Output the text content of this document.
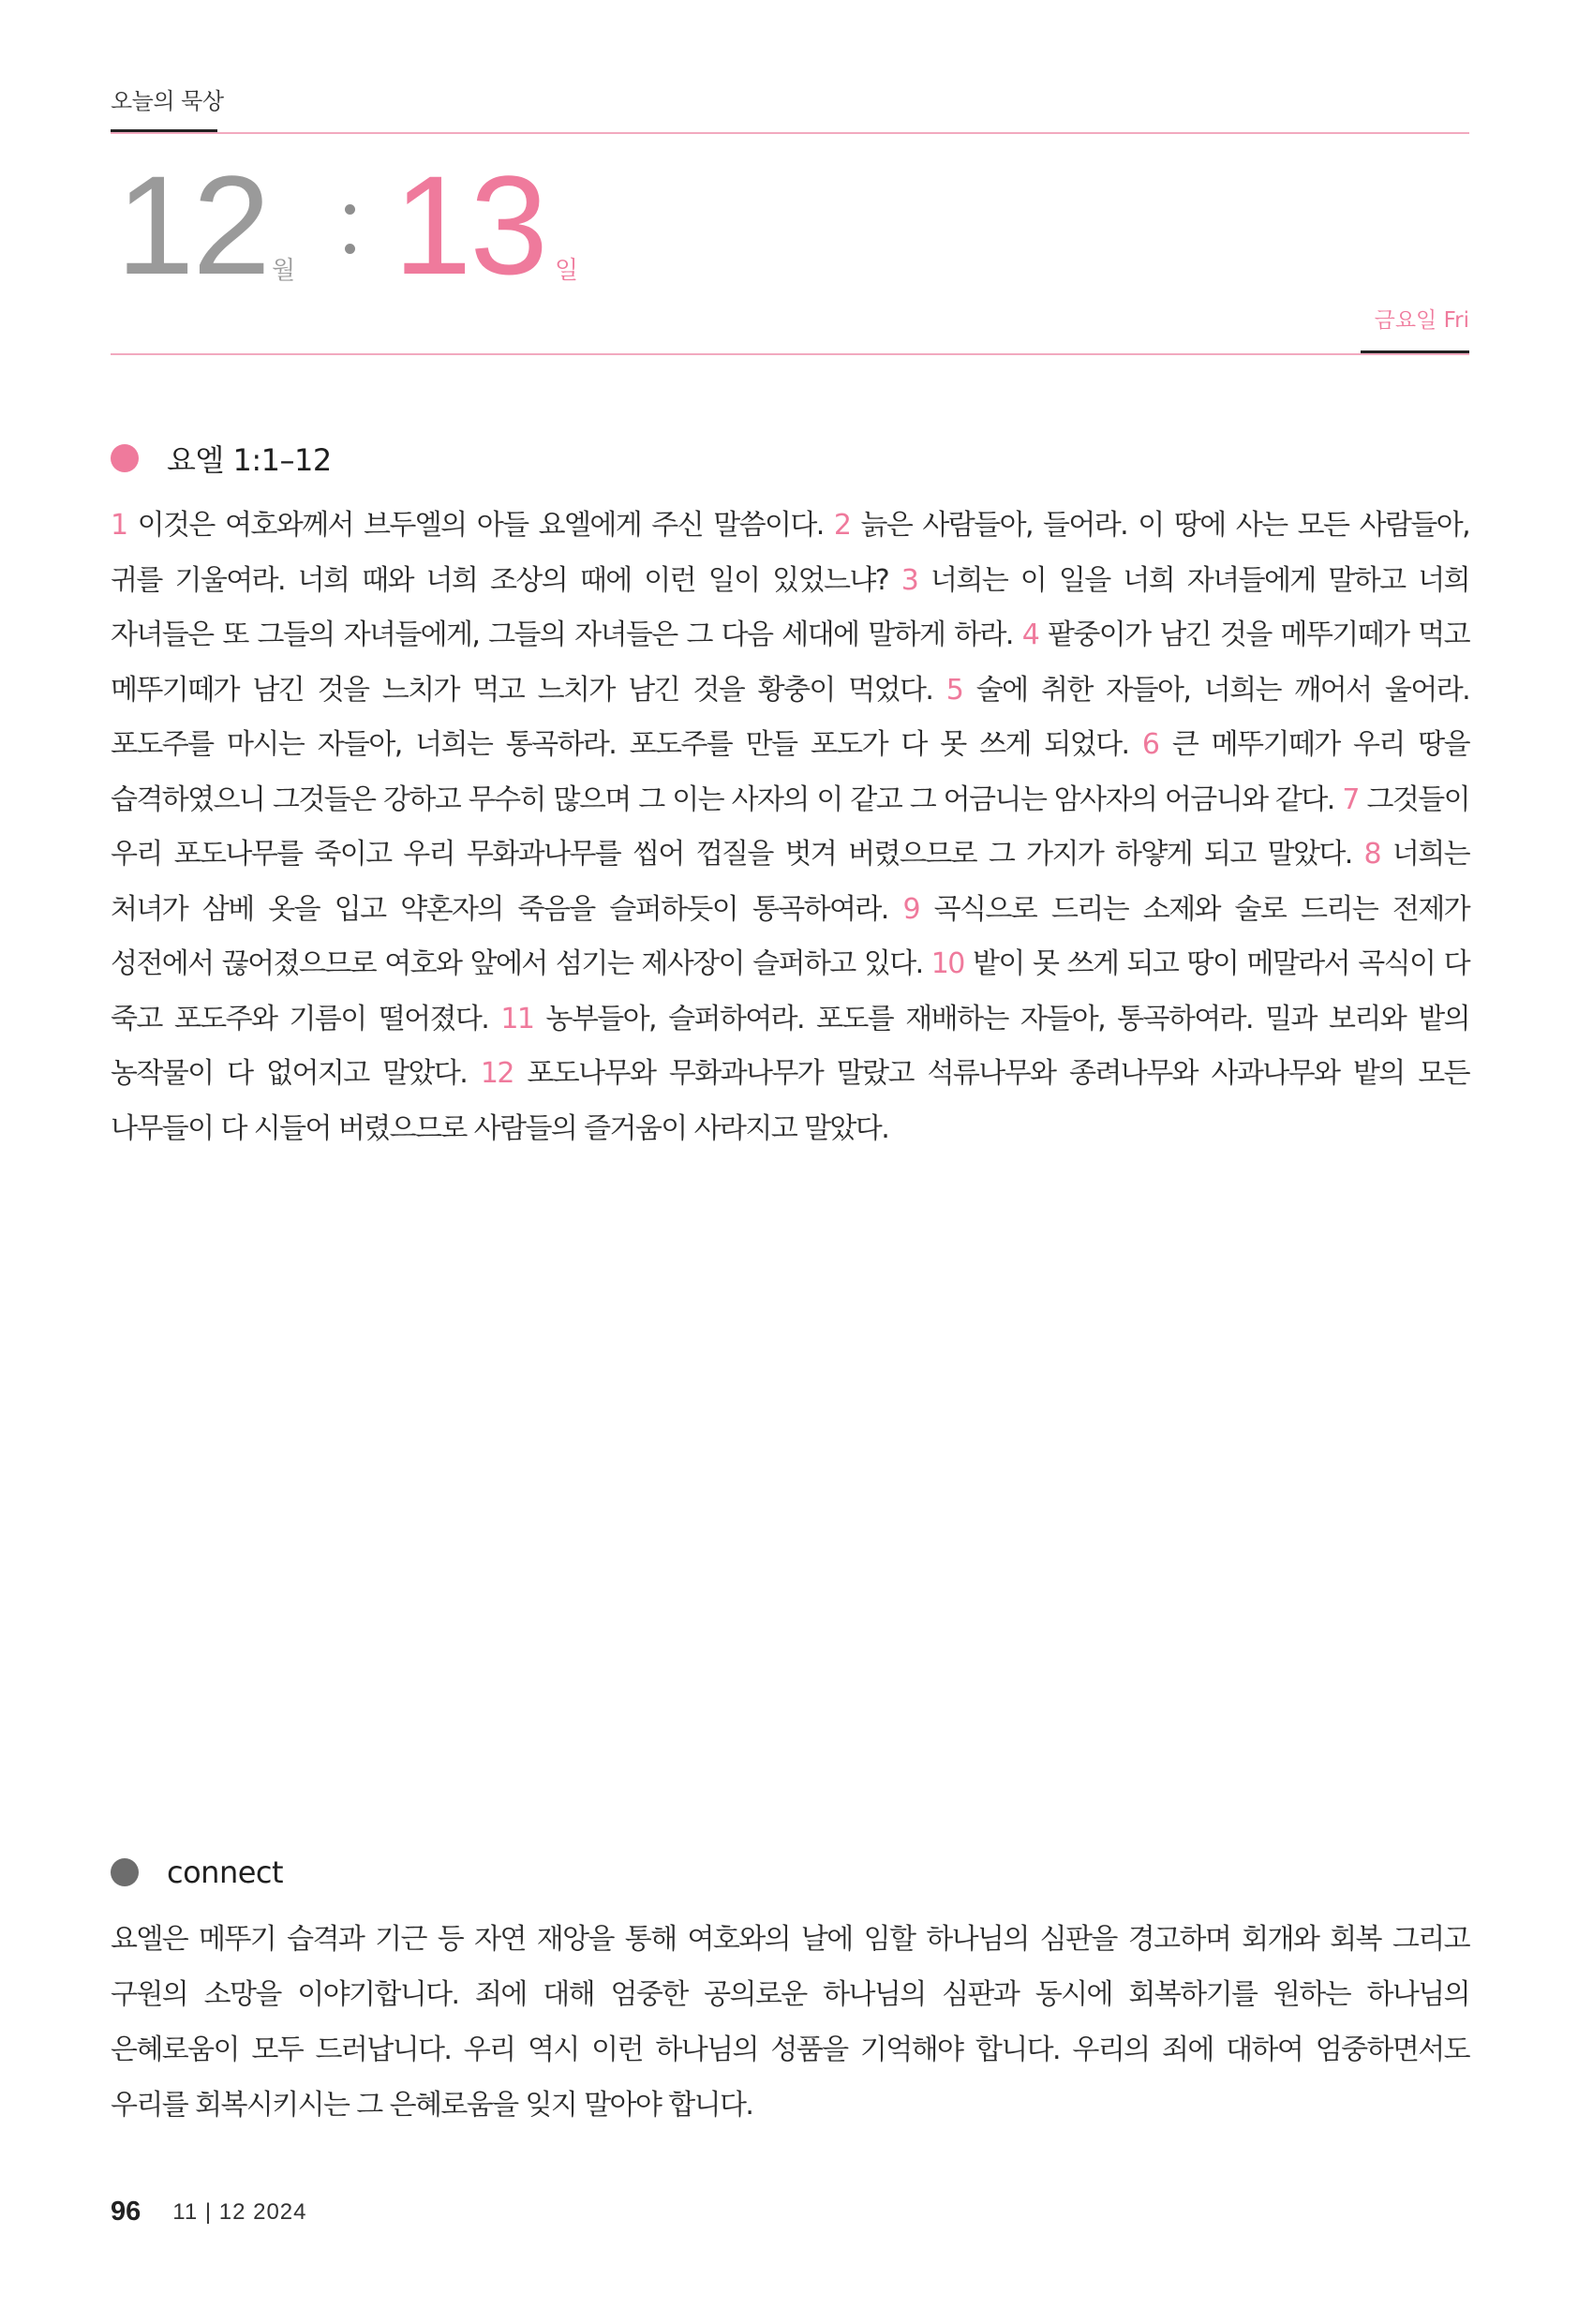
오늘의 묵상
12 월 13 일
금요일 Fri
요엘 1:1–12
1 이것은 여호와께서 브두엘의 아들 요엘에게 주신 말씀이다. 2 늙은 사람들아, 들어라. 이 땅에 사는 모든 사람들아, 귀를 기울여라. 너희 때와 너희 조상의 때에 이런 일이 있었느냐? 3 너희는 이 일을 너희 자녀들에게 말하고 너희 자녀들은 또 그들의 자녀들에게, 그들의 자녀들은 그 다음 세대에 말하게 하라. 4 팥중이가 남긴 것을 메뚜기떼가 먹고 메뚜기떼가 남긴 것을 느치가 먹고 느치가 남긴 것을 황충이 먹었다. 5 술에 취한 자들아, 너희는 깨어서 울어라. 포도주를 마시는 자들아, 너희는 통곡하라. 포도주를 만들 포도가 다 못 쓰게 되었다. 6 큰 메뚜기떼가 우리 땅을 습격하였으니 그것들은 강하고 무수히 많으며 그 이는 사자의 이 같고 그 어금니는 암사자의 어금니와 같다. 7 그것들이 우리 포도나무를 죽이고 우리 무화과나무를 씹어 껍질을 벗겨 버렸으므로 그 가지가 하얗게 되고 말았다. 8 너희는 처녀가 삼베 옷을 입고 약혼자의 죽음을 슬퍼하듯이 통곡하여라. 9 곡식으로 드리는 소제와 술로 드리는 전제가 성전에서 끊어졌으므로 여호와 앞에서 섬기는 제사장이 슬퍼하고 있다. 10 밭이 못 쓰게 되고 땅이 메말라서 곡식이 다 죽고 포도주와 기름이 떨어졌다. 11 농부들아, 슬퍼하여라. 포도를 재배하는 자들아, 통곡하여라. 밀과 보리와 밭의 농작물이 다 없어지고 말았다. 12 포도나무와 무화과나무가 말랐고 석류나무와 종려나무와 사과나무와 밭의 모든 나무들이 다 시들어 버렸으므로 사람들의 즐거움이 사라지고 말았다.
connect
요엘은 메뚜기 습격과 기근 등 자연 재앙을 통해 여호와의 날에 임할 하나님의 심판을 경고하며 회개와 회복 그리고 구원의 소망을 이야기합니다. 죄에 대해 엄중한 공의로운 하나님의 심판과 동시에 회복하기를 원하는 하나님의 은혜로움이 모두 드러납니다. 우리 역시 이런 하나님의 성품을 기억해야 합니다. 우리의 죄에 대하여 엄중하면서도 우리를 회복시키시는 그 은혜로움을 잊지 말아야 합니다.
96 11 | 12 2024
